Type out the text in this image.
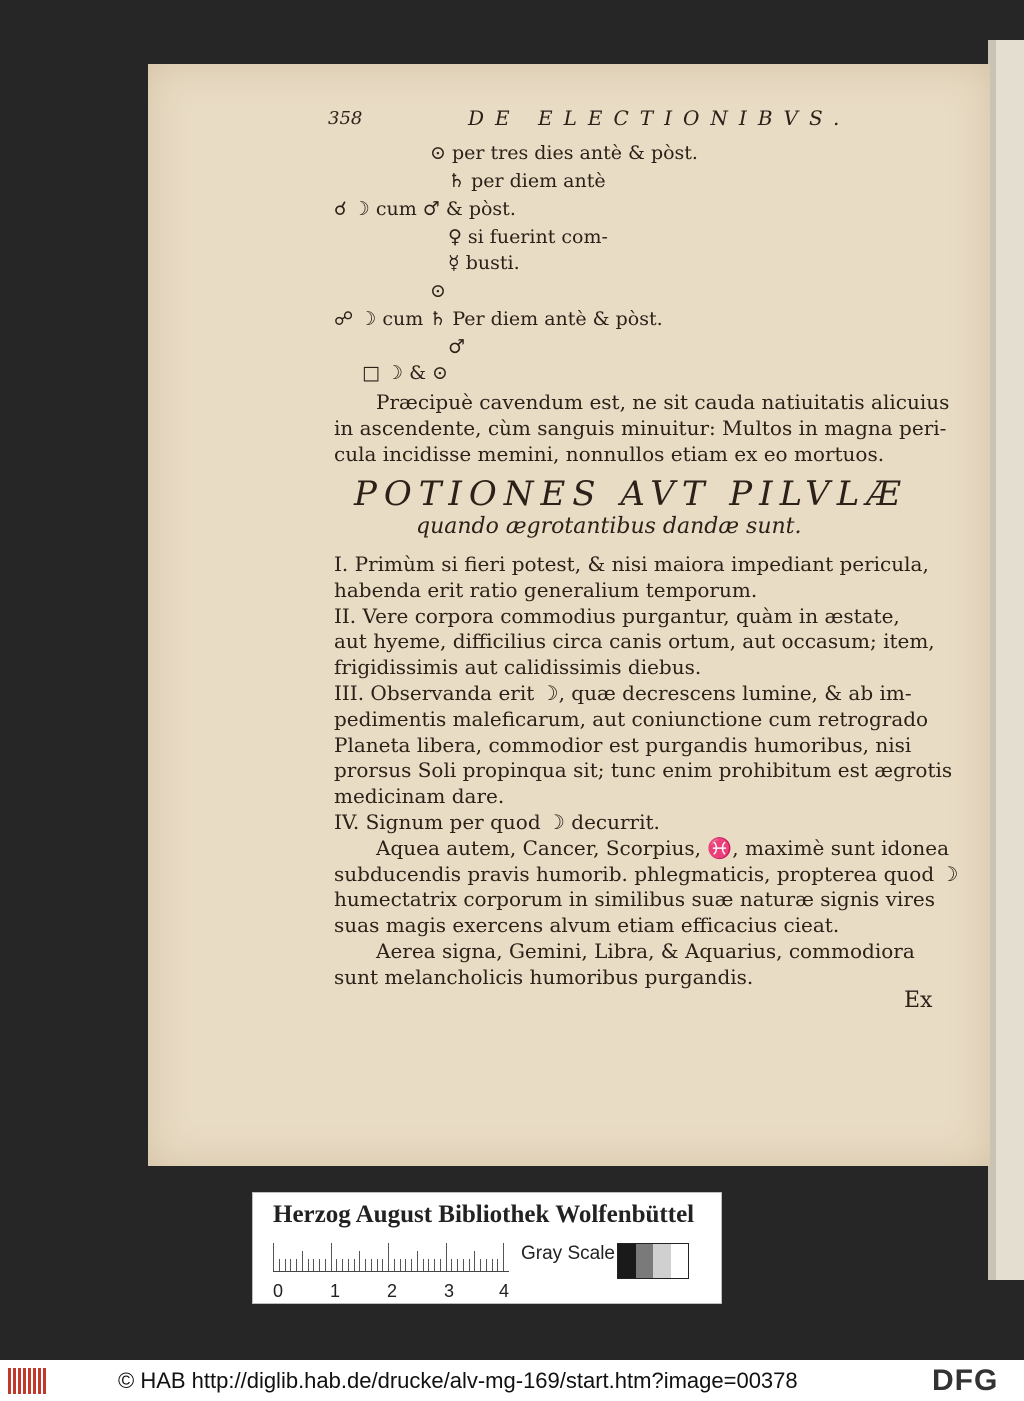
358	DE ELECTIONIBVS.
⊙ per tres dies antè & pòst.
♄ per diem antè
☌ ☽ cum ♂ & pòst.
♀ si fuerint com-
☿ busti.
⊙
☍ ☽ cum ♄ Per diem antè & pòst.
♂
□ ☽ & ⊙
Præcipuè cavendum est, ne sit cauda natiuitatis alicuius
in ascendente, cùm sanguis minuitur: Multos in magna peri-
cula incidisse memini, nonnullos etiam ex eo mortuos.
POTIONES AVT PILVLÆ
quando ægrotantibus dandæ sunt.
I. Primùm si fieri potest, & nisi maiora impediant pericula,
habenda erit ratio generalium temporum.
II. Vere corpora commodius purgantur, quàm in æstate,
aut hyeme, difficilius circa canis ortum, aut occasum; item,
frigidissimis aut calidissimis diebus.
III. Observanda erit ☽, quæ decrescens lumine, & ab im-
pedimentis maleficarum, aut coniunctione cum retrogrado
Planeta libera, commodior est purgandis humoribus, nisi
prorsus Soli propinqua sit; tunc enim prohibitum est ægrotis
medicinam dare.
IV. Signum per quod ☽ decurrit.
Aquea autem, Cancer, Scorpius, ♓, maximè sunt idonea
subducendis pravis humorib. phlegmaticis, propterea quod ☽
humectatrix corporum in similibus suæ naturæ signis vires
suas magis exercens alvum etiam efficacius cieat.
Aerea signa, Gemini, Libra, & Aquarius, commodiora
sunt melancholicis humoribus purgandis.
Ex
Herzog August Bibliothek Wolfenbüttel
0	1	2	3 4
Gray Scale
© HAB http://diglib.hab.de/drucke/alv-mg-169/start.htm?image=00378	DFG
